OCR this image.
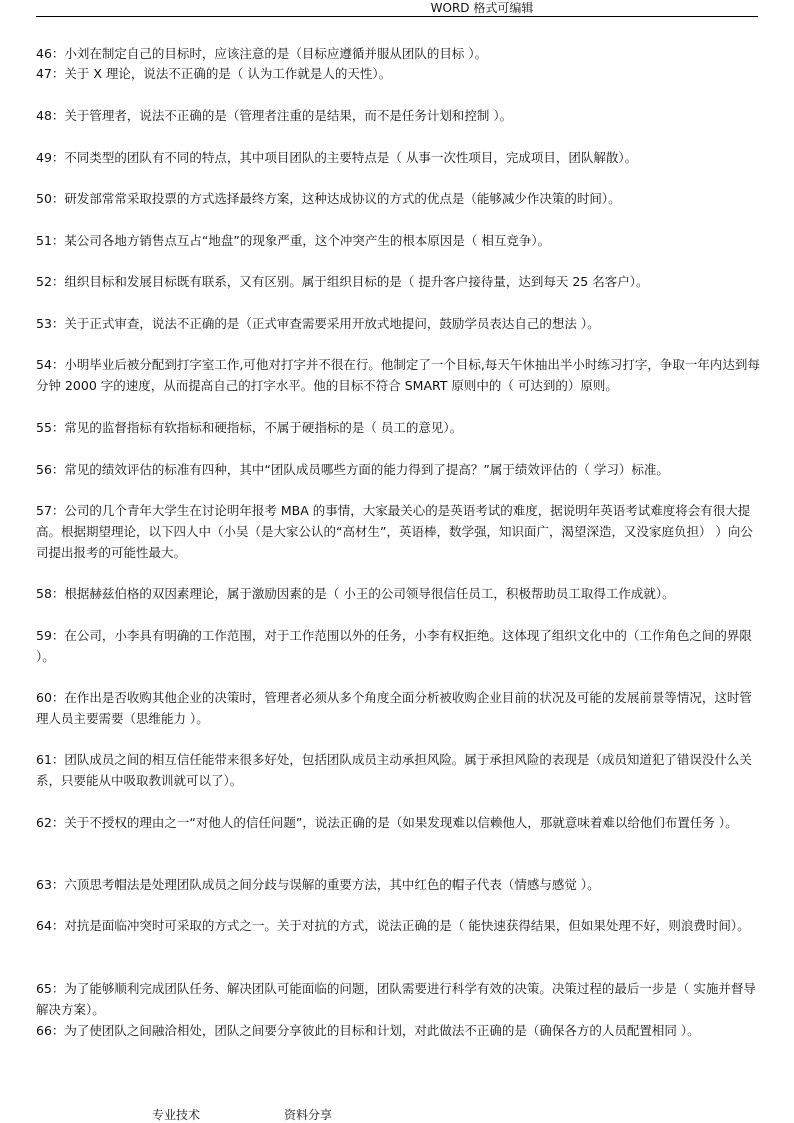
WORD 格式可编辑
46：小刘在制定自己的目标时，应该注意的是（目标应遵循并服从团队的目标 ）。
47：关于 X 理论，说法不正确的是（ 认为工作就是人的天性）。
48：关于管理者，说法不正确的是（管理者注重的是结果，而不是任务计划和控制 ）。
49：不同类型的团队有不同的特点，其中项目团队的主要特点是（ 从事一次性项目，完成项目，团队解散）。
50：研发部常常采取投票的方式选择最终方案，这种达成协议的方式的优点是（能够减少作决策的时间）。
51：某公司各地方销售点互占“地盘”的现象严重，这个冲突产生的根本原因是（ 相互竞争）。
52：组织目标和发展目标既有联系，又有区别。属于组织目标的是（ 提升客户接待量，达到每天 25 名客户）。
53：关于正式审查，说法不正确的是（正式审查需要采用开放式地提问，鼓励学员表达自己的想法 ）。
54：小明毕业后被分配到打字室工作,可他对打字并不很在行。他制定了一个目标,每天午休抽出半小时练习打字，争取一年内达到每分钟 2000 字的速度，从而提高自己的打字水平。他的目标不符合 SMART 原则中的（ 可达到的）原则。
55：常见的监督指标有软指标和硬指标，不属于硬指标的是（ 员工的意见）。
56：常见的绩效评估的标准有四种，其中“团队成员哪些方面的能力得到了提高？”属于绩效评估的（ 学习）标准。
57：公司的几个青年大学生在讨论明年报考 MBA 的事情，大家最关心的是英语考试的难度，据说明年英语考试难度将会有很大提高。根据期望理论，以下四人中（小吴（是大家公认的“高材生”，英语棒，数学强，知识面广，渴望深造，又没家庭负担） ）向公司提出报考的可能性最大。
58：根据赫兹伯格的双因素理论，属于激励因素的是（ 小王的公司领导很信任员工，积极帮助员工取得工作成就）。
59：在公司，小李具有明确的工作范围，对于工作范围以外的任务，小李有权拒绝。这体现了组织文化中的（工作角色之间的界限 ）。
60：在作出是否收购其他企业的决策时，管理者必须从多个角度全面分析被收购企业目前的状况及可能的发展前景等情况，这时管理人员主要需要（思维能力 ）。
61：团队成员之间的相互信任能带来很多好处，包括团队成员主动承担风险。属于承担风险的表现是（成员知道犯了错误没什么关系，只要能从中吸取教训就可以了）。
62：关于不授权的理由之一“对他人的信任问题”，说法正确的是（如果发现难以信赖他人，那就意味着难以给他们布置任务 ）。
63：六顶思考帽法是处理团队成员之间分歧与误解的重要方法，其中红色的帽子代表（情感与感觉 ）。
64：对抗是面临冲突时可采取的方式之一。关于对抗的方式，说法正确的是（ 能快速获得结果，但如果处理不好，则浪费时间）。
65：为了能够顺利完成团队任务、解决团队可能面临的问题，团队需要进行科学有效的决策。决策过程的最后一步是（ 实施并督导解决方案）。
66：为了使团队之间融洽相处，团队之间要分享彼此的目标和计划，对此做法不正确的是（确保各方的人员配置相同 ）。
专业技术	资料分享
